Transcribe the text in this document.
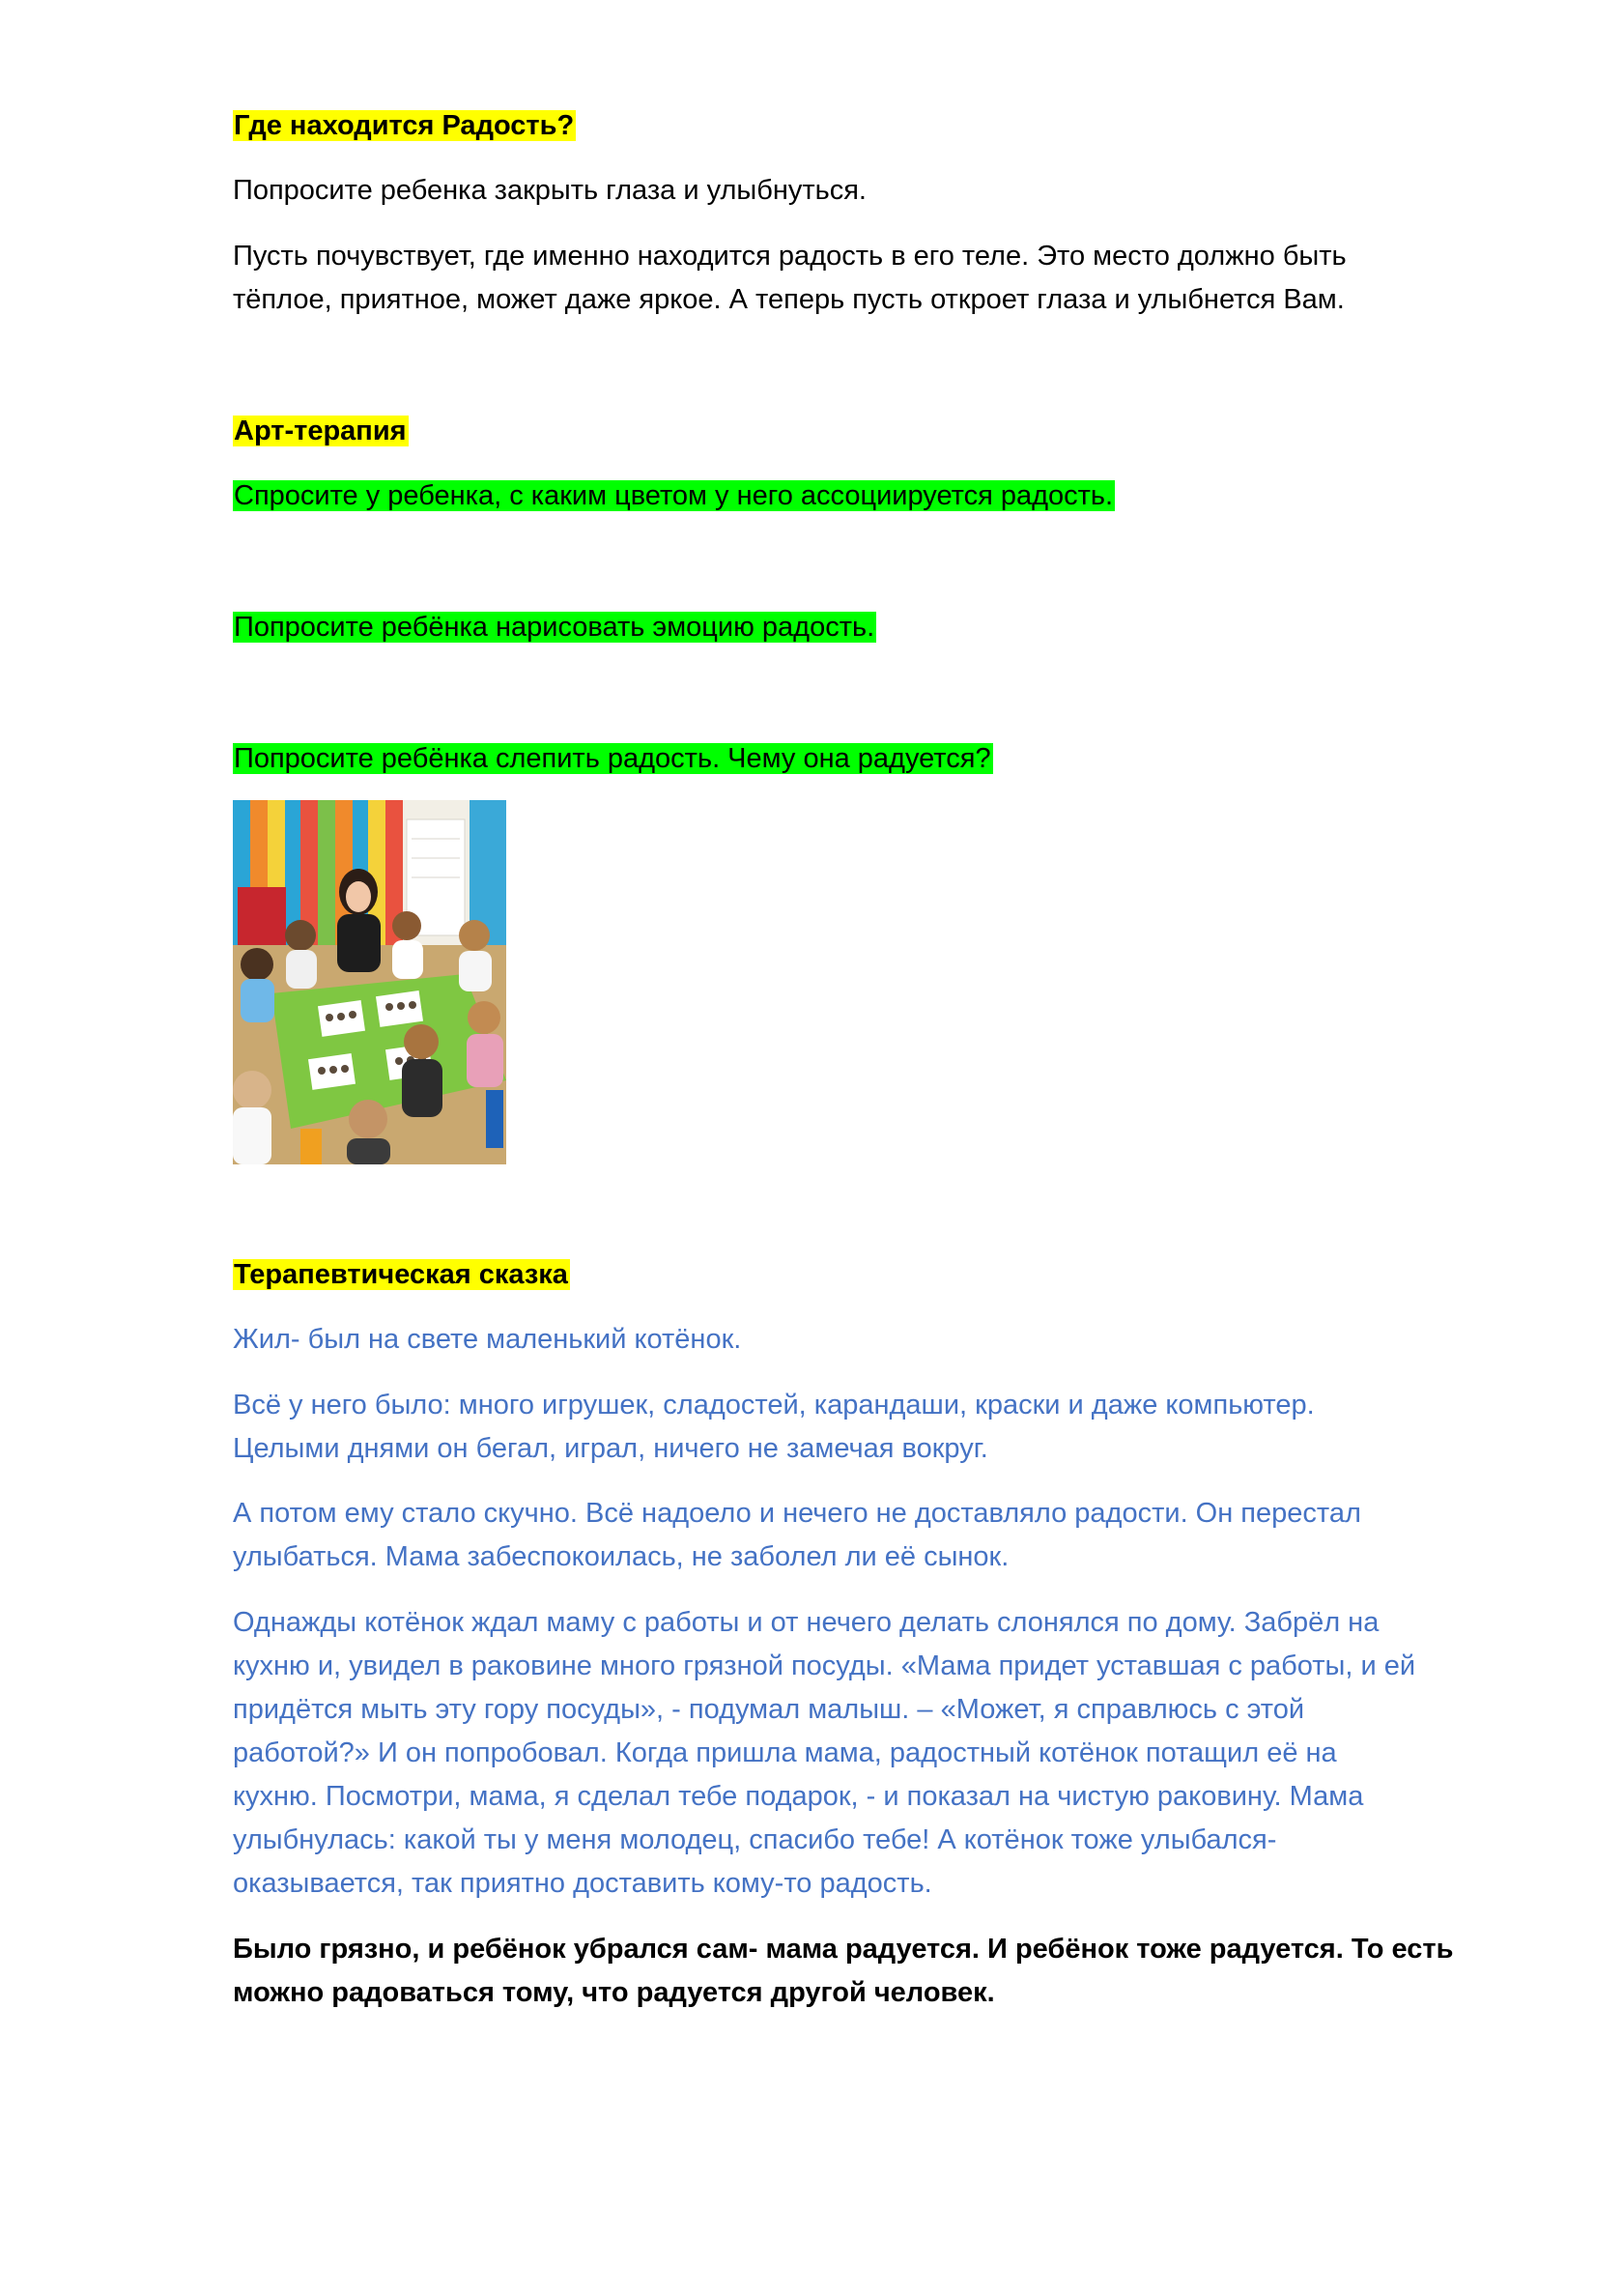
Где находится Радость?

Попросите ребенка закрыть глаза и улыбнуться.

Пусть почувствует, где именно находится радость в его теле. Это место должно быть

тёплое, приятное, может даже яркое. А теперь пусть откроет глаза и улыбнется Вам.

Арт-терапия

Спросите у ребенка, с каким цветом у него ассоциируется радость.

Попросите ребёнка нарисовать эмоцию радость.

Попросите ребёнка слепить радость. Чему она радуется?

Терапевтическая сказка

Жил- был на свете маленький котёнок.

Всё у него было: много игрушек, сладостей, карандаши, краски и даже компьютер.

Целыми днями он бегал, играл, ничего не замечая вокруг.

А потом ему стало скучно. Всё надоело и нечего не доставляло радости. Он перестал

улыбаться. Мама забеспокоилась, не заболел ли её сынок.

Однажды котёнок ждал маму с работы и от нечего делать слонялся по дому. Забрёл на

кухню и, увидел в раковине много грязной посуды. «Мама придет уставшая с работы, и ей

придётся мыть эту гору посуды», - подумал малыш. – «Может, я справлюсь с этой

работой?» И он попробовал. Когда пришла мама, радостный котёнок потащил её на

кухню. Посмотри, мама, я сделал тебе подарок, - и показал на чистую раковину. Мама

улыбнулась: какой ты у меня молодец, спасибо тебе! А котёнок тоже улыбался-

оказывается, так приятно доставить кому-то радость.

Было грязно, и ребёнок убрался сам- мама радуется. И ребёнок тоже радуется. То есть

можно радоваться тому, что радуется другой человек.
